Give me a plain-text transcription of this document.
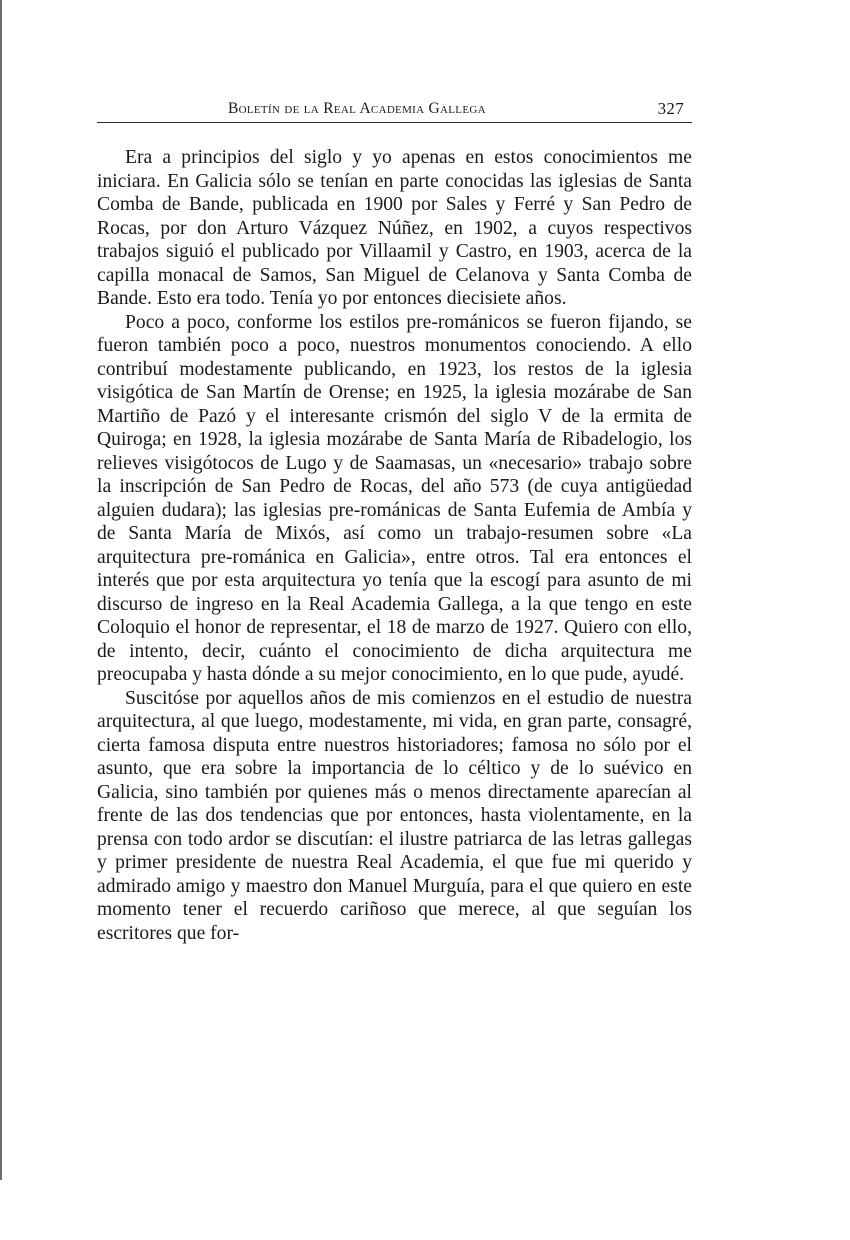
Boletín de la Real Academia Gallega	327

Era a principios del siglo y yo apenas en estos conocimientos me iniciara. En Galicia sólo se tenían en parte conocidas las iglesias de Santa Comba de Bande, publicada en 1900 por Sales y Ferré y San Pedro de Rocas, por don Arturo Vázquez Núñez, en 1902, a cuyos respectivos trabajos siguió el publicado por Villaamil y Castro, en 1903, acerca de la capilla monacal de Samos, San Miguel de Celanova y Santa Comba de Bande. Esto era todo. Tenía yo por entonces diecisiete años.

Poco a poco, conforme los estilos pre-románicos se fueron fijando, se fueron también poco a poco, nuestros monumentos conociendo. A ello contribuí modestamente publicando, en 1923, los restos de la iglesia visigótica de San Martín de Orense; en 1925, la iglesia mozárabe de San Martiño de Pazó y el interesante crismón del siglo V de la ermita de Quiroga; en 1928, la iglesia mozárabe de Santa María de Ribadelogio, los relieves visigótocos de Lugo y de Saamasas, un «necesario» trabajo sobre la inscripción de San Pedro de Rocas, del año 573 (de cuya antigüedad alguien dudara); las iglesias pre-románicas de Santa Eufemia de Ambía y de Santa María de Mixós, así como un trabajo-resumen sobre «La arquitectura pre-románica en Galicia», entre otros. Tal era entonces el interés que por esta arquitectura yo tenía que la escogí para asunto de mi discurso de ingreso en la Real Academia Gallega, a la que tengo en este Coloquio el honor de representar, el 18 de marzo de 1927. Quiero con ello, de intento, decir, cuánto el conocimiento de dicha arquitectura me preocupaba y hasta dónde a su mejor conocimiento, en lo que pude, ayudé.

Suscitóse por aquellos años de mis comienzos en el estudio de nuestra arquitectura, al que luego, modestamente, mi vida, en gran parte, consagré, cierta famosa disputa entre nuestros historiadores; famosa no sólo por el asunto, que era sobre la importancia de lo céltico y de lo suévico en Galicia, sino también por quienes más o menos directamente aparecían al frente de las dos tendencias que por entonces, hasta violentamente, en la prensa con todo ardor se discutían: el ilustre patriarca de las letras gallegas y primer presidente de nuestra Real Academia, el que fue mi querido y admirado amigo y maestro don Manuel Murguía, para el que quiero en este momento tener el recuerdo cariñoso que merece, al que seguían los escritores que for-
